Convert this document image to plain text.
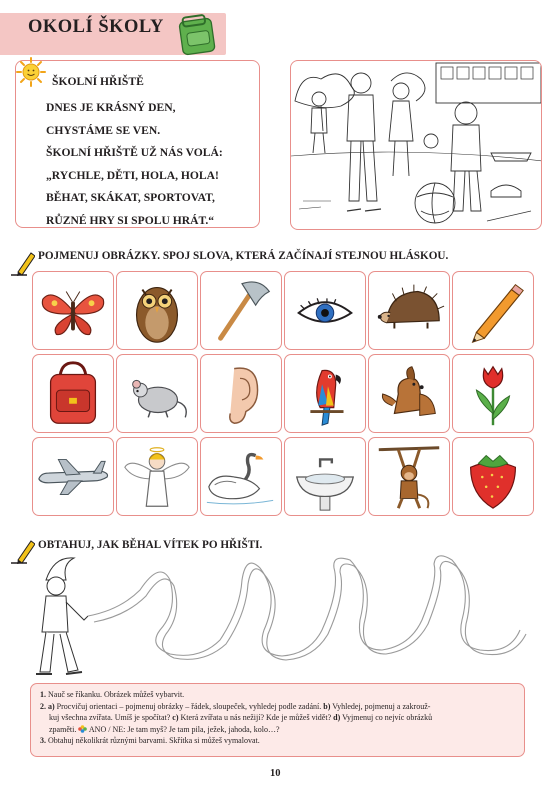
OKOLÍ ŠKOLY
ŠKOLNÍ HŘIŠTĚ
DNES JE KRÁSNÝ DEN,
CHYSTÁME SE VEN.
ŠKOLNÍ HŘIŠTĚ UŽ NÁS VOLÁ:
„RYCHLE, DĚTI, HOLA, HOLA!
BĚHAT, SKÁKAT, SPORTOVAT,
RŮZNÉ HRY SI SPOLU HRÁT.“
POJMENUJ OBRÁZKY. SPOJ SLOVA, KTERÁ ZAČÍNAJÍ STEJNOU HLÁSKOU.
OBTAHUJ, JAK BĚHAL VÍTEK PO HŘIŠTI.
1. Nauč se říkanku. Obrázek můžeš vybarvit.
2. a) Procvičuj orientaci – pojmenuj obrázky – řádek, sloupeček, vyhledej podle zadání. b) Vyhledej, pojmenuj a zakrouž-
kuj všechna zvířata. Umíš je spočítat? c) Která zvířata u nás nežijí? Kde je můžeš vidět? d) Vyjmenuj co nejvíc obrázků
zpaměti. ANO / NE: Je tam myš? Je tam pila, ježek, jahoda, kolo…?
3. Obtahuj několikrát různými barvami. Skřítka si můžeš vymalovat.
10
